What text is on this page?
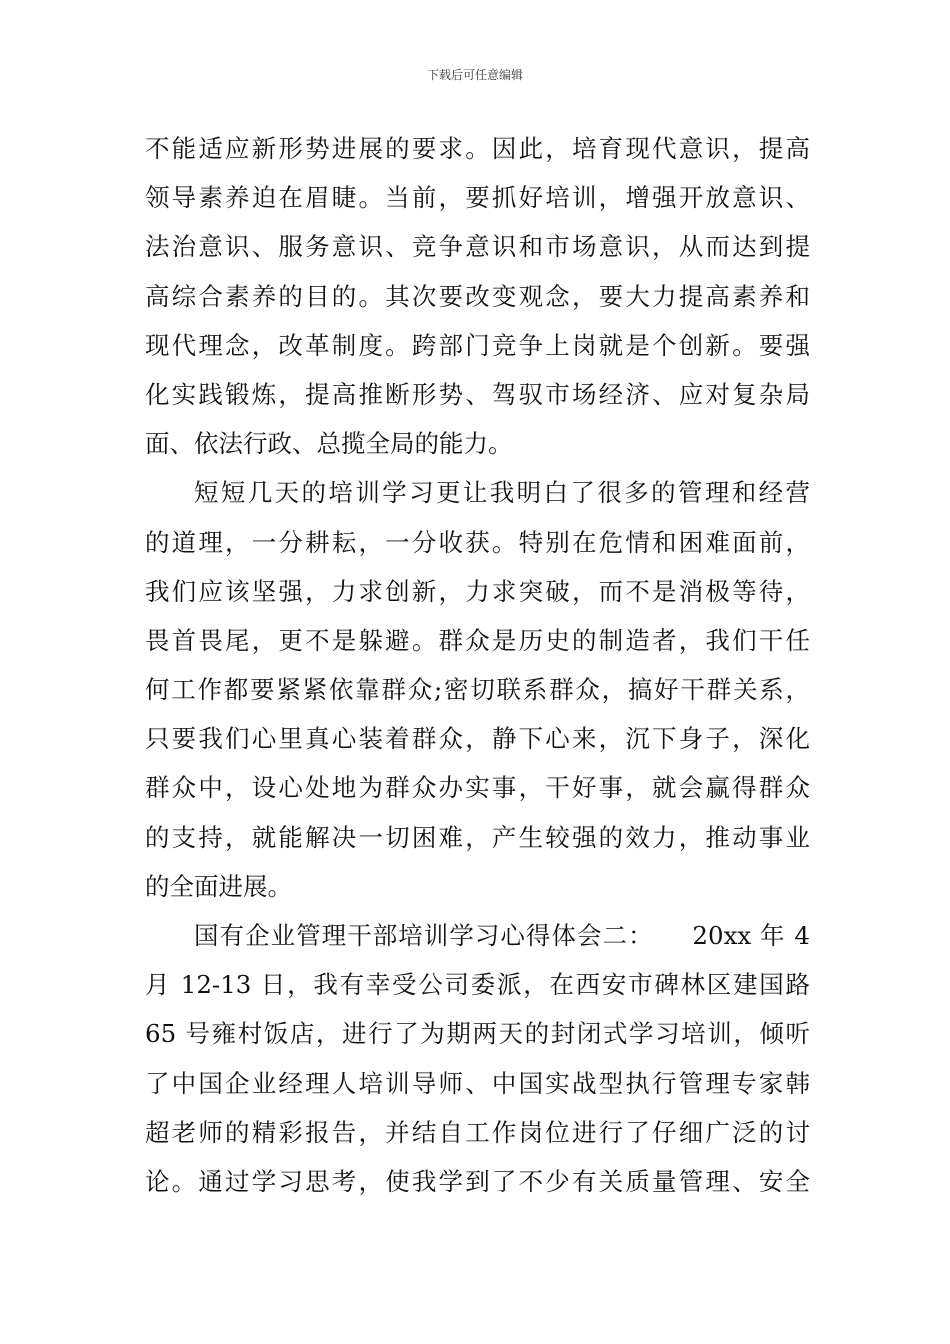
下载后可任意编辑
不能适应新形势进展的要求。因此，培育现代意识，提高
领导素养迫在眉睫。当前，要抓好培训，增强开放意识、
法治意识、服务意识、竞争意识和市场意识，从而达到提
高综合素养的目的。其次要改变观念，要大力提高素养和
现代理念，改革制度。跨部门竞争上岗就是个创新。要强
化实践锻炼，提高推断形势、驾驭市场经济、应对复杂局
面、依法行政、总揽全局的能力。
短短几天的培训学习更让我明白了很多的管理和经营
的道理，一分耕耘，一分收获。特别在危情和困难面前，
我们应该坚强，力求创新，力求突破，而不是消极等待，
畏首畏尾，更不是躲避。群众是历史的制造者，我们干任
何工作都要紧紧依靠群众;密切联系群众，搞好干群关系，
只要我们心里真心装着群众，静下心来，沉下身子，深化
群众中，设心处地为群众办实事，干好事，就会赢得群众
的支持，就能解决一切困难，产生较强的效力，推动事业
的全面进展。
国有企业管理干部培训学习心得体会二：　　20xx 年 4
月 12-13 日，我有幸受公司委派，在西安市碑林区建国路
65 号雍村饭店，进行了为期两天的封闭式学习培训，倾听
了中国企业经理人培训导师、中国实战型执行管理专家韩
超老师的精彩报告，并结自工作岗位进行了仔细广泛的讨
论。通过学习思考，使我学到了不少有关质量管理、安全
